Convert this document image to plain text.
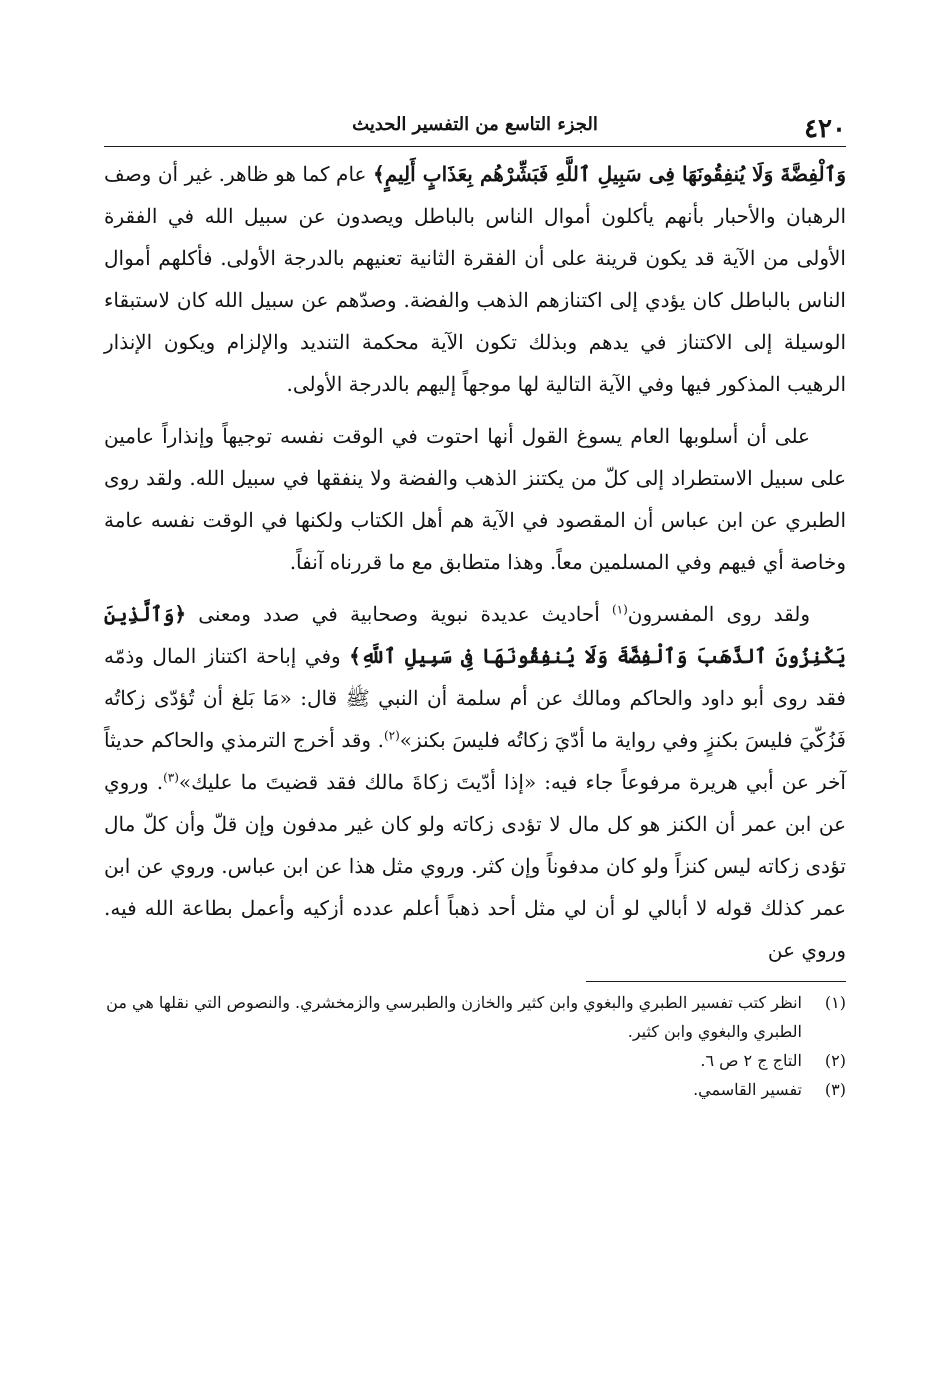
٤٢٠
الجزء التاسع من التفسير الحديث

وَٱلْفِضَّةَ وَلَا يُنفِقُونَهَا فِى سَبِيلِ ٱللَّهِ فَبَشِّرْهُم بِعَذَابٍ أَلِيمٍ﴾ عام كما هو ظاهر. غير أن وصف الرهبان والأحبار بأنهم يأكلون أموال الناس بالباطل ويصدون عن سبيل الله في الفقرة الأولى من الآية قد يكون قرينة على أن الفقرة الثانية تعنيهم بالدرجة الأولى. فأكلهم أموال الناس بالباطل كان يؤدي إلى اكتنازهم الذهب والفضة. وصدّهم عن سبيل الله كان لاستبقاء الوسيلة إلى الاكتناز في يدهم وبذلك تكون الآية محكمة التنديد والإلزام ويكون الإنذار الرهيب المذكور فيها وفي الآية التالية لها موجهاً إليهم بالدرجة الأولى.

على أن أسلوبها العام يسوغ القول أنها احتوت في الوقت نفسه توجيهاً وإنذاراً عامين على سبيل الاستطراد إلى كلّ من يكتنز الذهب والفضة ولا ينفقها في سبيل الله. ولقد روى الطبري عن ابن عباس أن المقصود في الآية هم أهل الكتاب ولكنها في الوقت نفسه عامة وخاصة أي فيهم وفي المسلمين معاً. وهذا متطابق مع ما قررناه آنفاً.

ولقد روى المفسرون$^{(١)}$ أحاديث عديدة نبوية وصحابية في صدد ومعنى ﴿وَٱلَّذِينَ يَكْنِزُونَ ٱلذَّهَبَ وَٱلْفِضَّةَ وَلَا يُنفِقُونَهَا فِى سَبِيلِ ٱللَّهِ﴾ وفي إباحة اكتناز المال وذمّه فقد روى أبو داود والحاكم ومالك عن أم سلمة أن النبي ﷺ قال: «مَا بَلغ أن تُؤدّى زكاتُه فَزُكّيَ فليسَ بكنزٍ وفي رواية ما أدّيَ زكاتُه فليسَ بكنز»$^{(٢)}$. وقد أخرج الترمذي والحاكم حديثاً آخر عن أبي هريرة مرفوعاً جاء فيه: «إذا أدّيتَ زكاةَ مالك فقد قضيتَ ما عليك»$^{(٣)}$. وروي عن ابن عمر أن الكنز هو كل مال لا تؤدى زكاته ولو كان غير مدفون وإن قلّ وأن كلّ مال تؤدى زكاته ليس كنزاً ولو كان مدفوناً وإن كثر. وروي مثل هذا عن ابن عباس. وروي عن ابن عمر كذلك قوله لا أبالي لو أن لي مثل أحد ذهباً أعلم عدده أزكيه وأعمل بطاعة الله فيه. وروي عن

(١)
انظر كتب تفسير الطبري والبغوي وابن كثير والخازن والطبرسي والزمخشري. والنصوص التي نقلها هي من الطبري والبغوي وابن كثير.
(٢)
التاج ج ٢ ص ٦.
(٣)
تفسير القاسمي.
